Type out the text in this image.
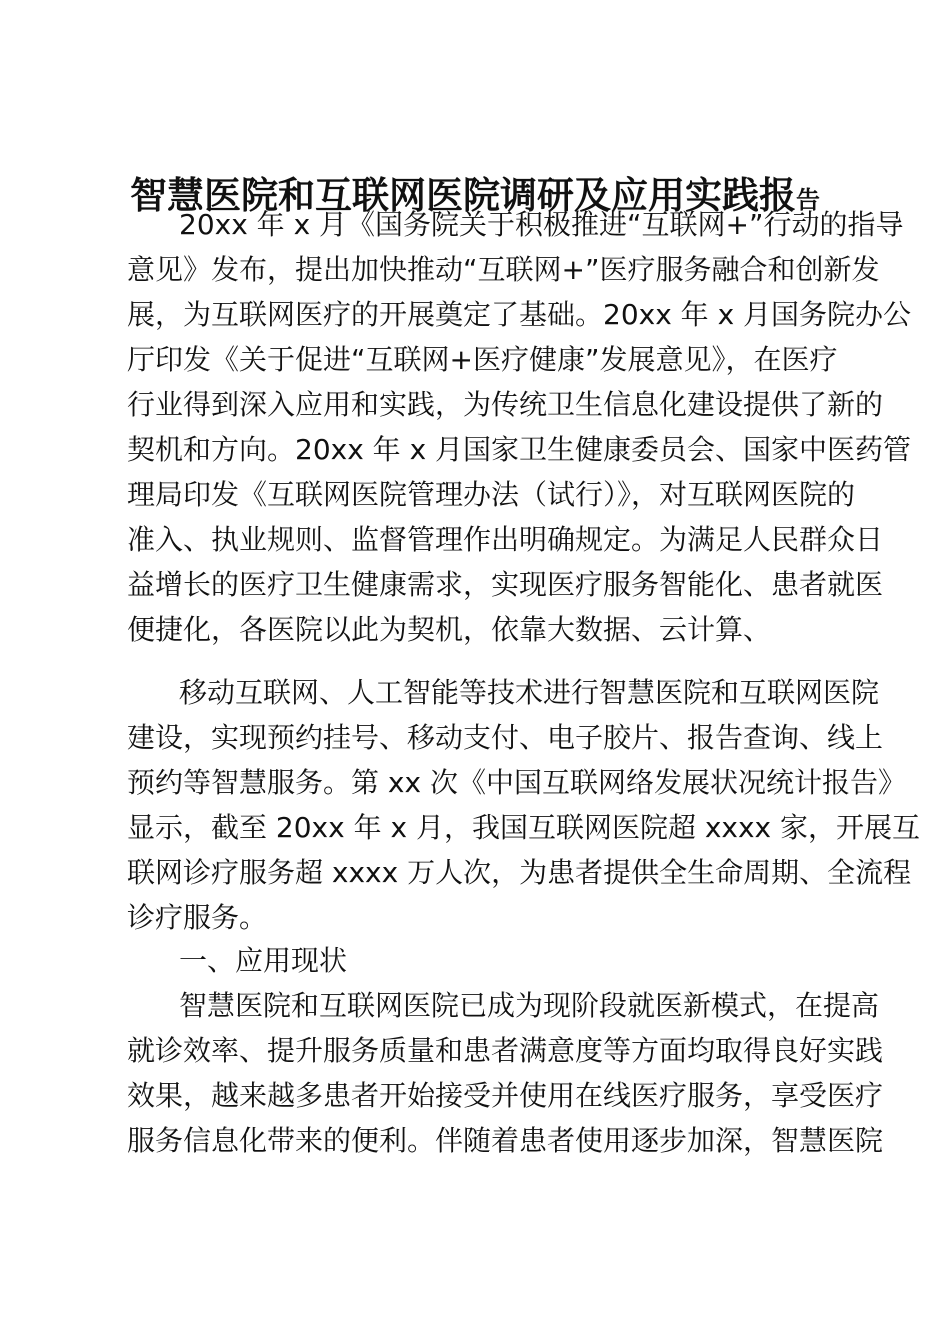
智慧医院和互联网医院调研及应用实践报告
20xx 年 x 月《国务院关于积极推进“互联网+”行动的指导
意见》发布，提出加快推动“互联网+”医疗服务融合和创新发
展，为互联网医疗的开展奠定了基础。20xx 年 x 月国务院办公
厅印发《关于促进“互联网+医疗健康”发展意见》，在医疗
行业得到深入应用和实践，为传统卫生信息化建设提供了新的
契机和方向。20xx 年 x 月国家卫生健康委员会、国家中医药管
理局印发《互联网医院管理办法（试行）》，对互联网医院的
准入、执业规则、监督管理作出明确规定。为满足人民群众日
益增长的医疗卫生健康需求，实现医疗服务智能化、患者就医
便捷化，各医院以此为契机，依靠大数据、云计算、
移动互联网、人工智能等技术进行智慧医院和互联网医院
建设，实现预约挂号、移动支付、电子胶片、报告查询、线上
预约等智慧服务。第 xx 次《中国互联网络发展状况统计报告》
显示，截至 20xx 年 x 月，我国互联网医院超 xxxx 家，开展互
联网诊疗服务超 xxxx 万人次，为患者提供全生命周期、全流程
诊疗服务。
一、应用现状
智慧医院和互联网医院已成为现阶段就医新模式，在提高
就诊效率、提升服务质量和患者满意度等方面均取得良好实践
效果，越来越多患者开始接受并使用在线医疗服务，享受医疗
服务信息化带来的便利。伴随着患者使用逐步加深，智慧医院
